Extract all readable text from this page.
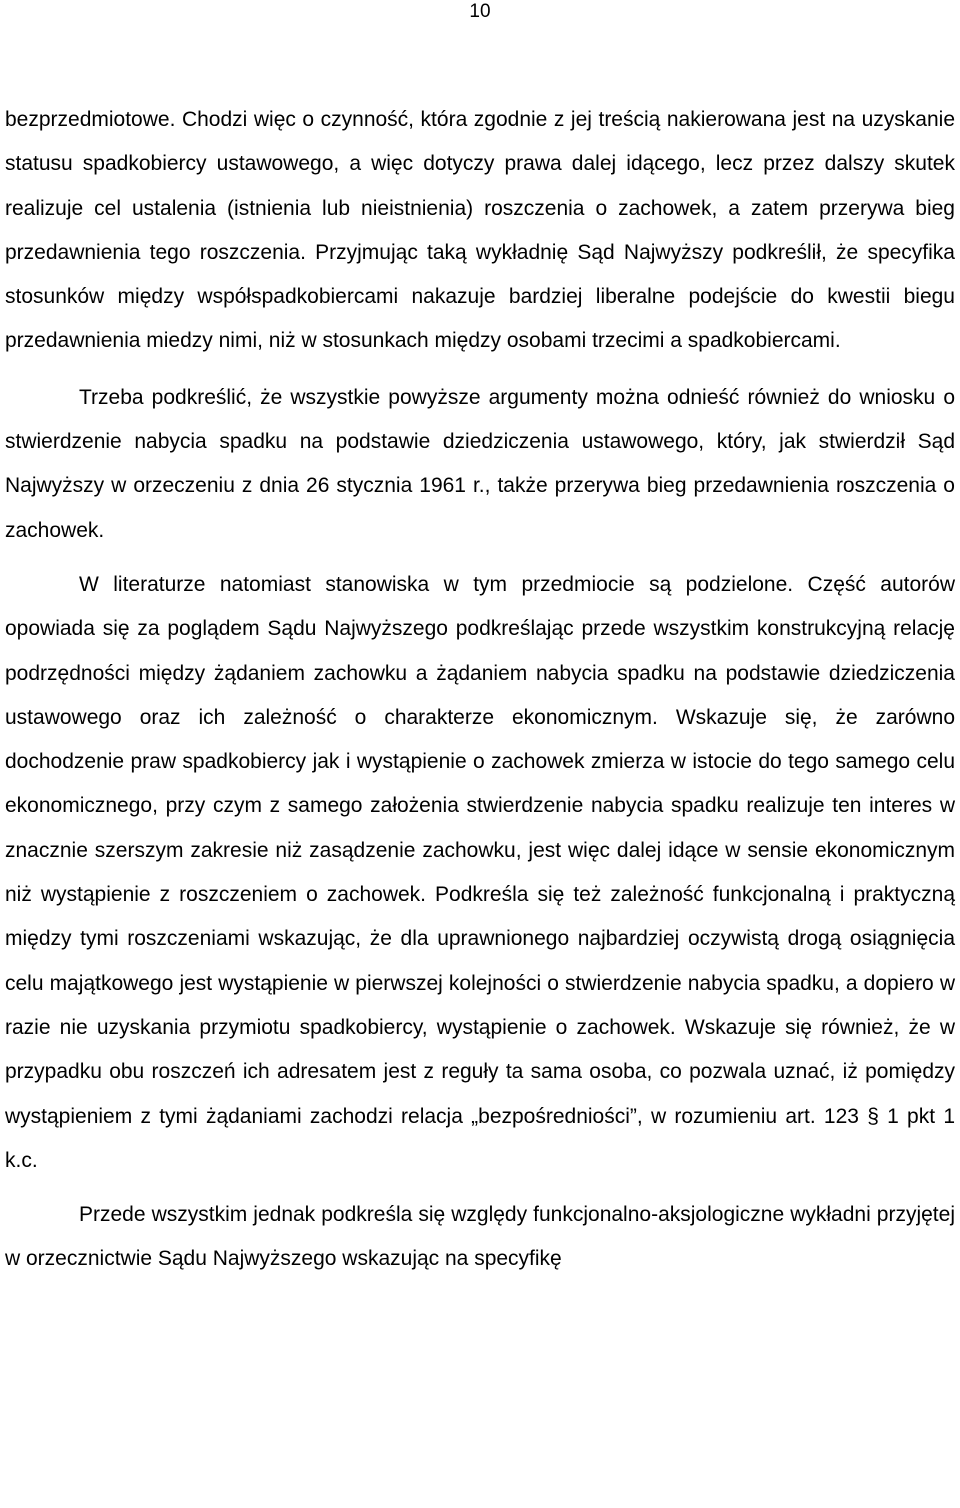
10

bezprzedmiotowe. Chodzi więc o czynność, która zgodnie z jej treścią nakierowana jest na uzyskanie statusu spadkobiercy ustawowego, a więc dotyczy prawa dalej idącego, lecz przez dalszy skutek realizuje cel ustalenia (istnienia lub nieistnienia) roszczenia o zachowek, a zatem przerywa bieg przedawnienia tego roszczenia. Przyjmując taką wykładnię Sąd Najwyższy podkreślił, że specyfika stosunków między współspadkobiercami nakazuje bardziej liberalne podejście do kwestii biegu przedawnienia miedzy nimi, niż w stosunkach między osobami trzecimi a spadkobiercami.

Trzeba podkreślić, że wszystkie powyższe argumenty można odnieść również do wniosku o stwierdzenie nabycia spadku na podstawie dziedziczenia ustawowego, który, jak stwierdził Sąd Najwyższy w orzeczeniu z dnia 26 stycznia 1961 r., także przerywa bieg przedawnienia roszczenia o zachowek.

W literaturze natomiast stanowiska w tym przedmiocie są podzielone. Część autorów opowiada się za poglądem Sądu Najwyższego podkreślając przede wszystkim konstrukcyjną relację podrzędności między żądaniem zachowku a żądaniem nabycia spadku na podstawie dziedziczenia ustawowego oraz ich zależność o charakterze ekonomicznym. Wskazuje się, że zarówno dochodzenie praw spadkobiercy jak i wystąpienie o zachowek zmierza w istocie do tego samego celu ekonomicznego, przy czym z samego założenia stwierdzenie nabycia spadku realizuje ten interes w znacznie szerszym zakresie niż zasądzenie zachowku, jest więc dalej idące w sensie ekonomicznym niż wystąpienie z roszczeniem o zachowek. Podkreśla się też zależność funkcjonalną i praktyczną między tymi roszczeniami wskazując, że dla uprawnionego najbardziej oczywistą drogą osiągnięcia celu majątkowego jest wystąpienie w pierwszej kolejności o stwierdzenie nabycia spadku, a dopiero w razie nie uzyskania przymiotu spadkobiercy, wystąpienie o zachowek. Wskazuje się również, że w przypadku obu roszczeń ich adresatem jest z reguły ta sama osoba, co pozwala uznać, iż pomiędzy wystąpieniem z tymi żądaniami zachodzi relacja „bezpośredniości”, w rozumieniu art. 123 § 1 pkt 1 k.c.

Przede wszystkim jednak podkreśla się względy funkcjonalno-aksjologiczne wykładni przyjętej w orzecznictwie Sądu Najwyższego wskazując na specyfikę
